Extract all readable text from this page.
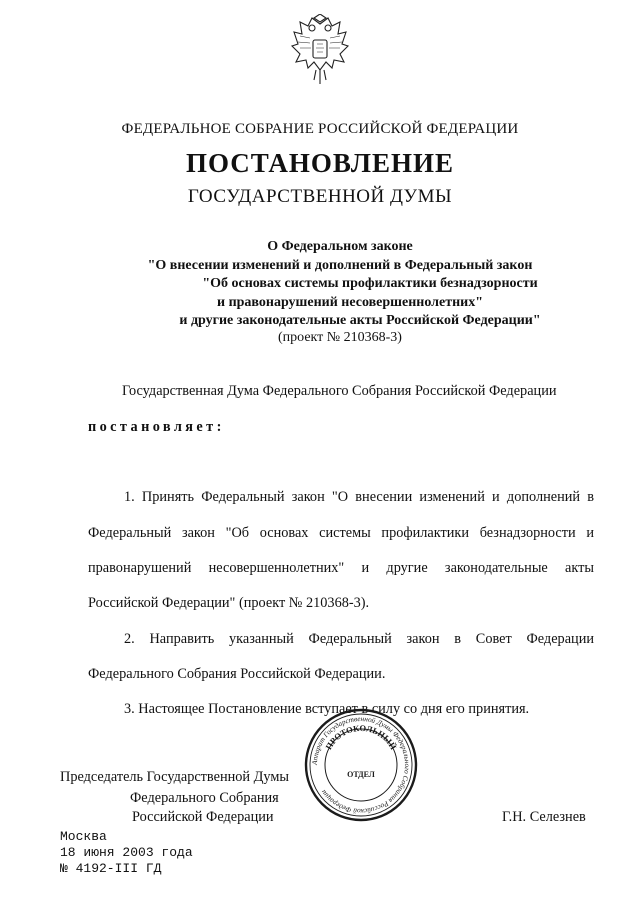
ФЕДЕРАЛЬНОЕ СОБРАНИЕ РОССИЙСКОЙ ФЕДЕРАЦИИ
ПОСТАНОВЛЕНИЕ
ГОСУДАРСТВЕННОЙ ДУМЫ
О Федеральном законе
"О внесении изменений и дополнений в Федеральный закон
"Об основах системы профилактики безнадзорности
и правонарушений несовершеннолетних"
и другие законодательные акты Российской Федерации"
(проект № 210368-3)
Государственная Дума Федерального Собрания Российской Федерации
постановляет:
1. Принять Федеральный закон "О внесении изменений и дополнений в
Федеральный закон "Об основах системы профилактики безнадзорности и
правонарушений несовершеннолетних" и другие законодательные акты
Российской Федерации" (проект № 210368-3).
2. Направить указанный Федеральный закон в Совет Федерации
Федерального Собрания Российской Федерации.
3. Настоящее Постановление вступает в силу со дня его принятия.
Председатель Государственной Думы
Федерального Собрания
Российской Федерации	Г.Н. Селезнев
Москва
18 июня 2003 года
№ 4192-III ГД
Аппарат Государственной Думы Федерального Собрания Российской Федерации
ПРОТОКОЛЬНЫЙ
ОТДЕЛ
